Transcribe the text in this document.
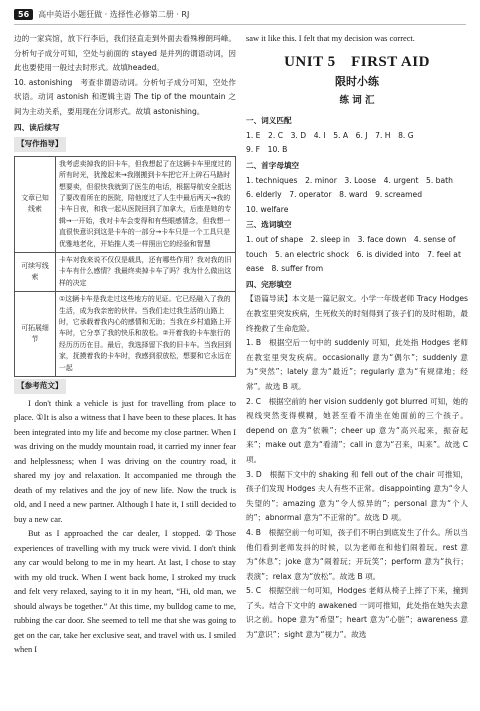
56	高中英语小题狂做 · 选择性必修第二册 · RJ

边的一家宾馆，放下行李后，我们径直走到外面去看殊穆朗玛峰。分析句子成分可知，空处与前面的 stayed 是并列的谓语动词，因此也要使用一般过去时形式。故填headed。

10. astonishing　考查非谓语动词。分析句子成分可知，空处作状语。动词 astonish 和逻辑主语 The tip of the mountain 之间为主动关系，要用现在分词形式。故填 astonishing。

四、读后续写
【写作指导】
文章已知线索	我考虑卖掉我的旧卡车，但我想起了在这辆卡车里度过的所有时光，犹豫起来→我刚搬到卡车把它开上碎石马路时想要卖，但很快我就到了医生的电话，根据导航安全抵达了要改看所在的医院，陪他度过了人生中最后两天→我的卡车日夜，和我一起从医院回到了加拿大，后座是她的专辑→一开始，我对卡车会变得和有些眼感情念，但我想一直很快意识到这是卡车的一部分→卡车只是一个工具只是优雅地老化，开始推人类一样照出它的经验和智慧
可续写线索	卡车对我来说不仅仅是载具，还有哪些作用？我对我的旧卡车有什么感情？我最终卖掉卡车了吗？我为什么做出这样的决定
可拓展细节	①这辆卡车是我走过这些地方的见证。它已经融入了我的生活，成为我亲密的伙伴。当我们走过我生活的山路上时，它承载着我内心的感情和无助；当我在乡村道路上开车时，它分享了我的快乐和放松。②开着我的卡车旅行的经历历历在目。最后，我选择留下我的旧卡车。当我回到家，抚摸着我的卡车时，我感到很放松，想要和它永远在一起
【参考范文】

I don't think a vehicle is just for travelling from place to place. ①It is also a witness that I have been to these places. It has been integrated into my life and become my close partner. When I was driving on the muddy mountain road, it carried my inner fear and helplessness; when I was driving on the country road, it shared my joy and relaxation. It accompanied me through the death of my relatives and the joy of new life. Now the truck is old, and I need a new partner. Although I hate it, I still decided to buy a new car.

But as I approached the car dealer, I stopped. ②Those experiences of travelling with my truck were vivid. I don't think any car would belong to me in my heart. At last, I chose to stay with my old truck. When I went back home, I stroked my truck and felt very relaxed, saying to it in my heart, “Hi, old man, we should always be together.” At this time, my bulldog came to me, rubbing the car door. She seemed to tell me that she was going to get on the car, take her exclusive seat, and travel with us. I smiled when I

saw it like this. I felt that my decision was correct.

UNIT 5　FIRST AID
限时小练
练 词 汇
一、词义匹配

1. E　2. C　3. D　4. I　5. A　6. J　7. H　8. G

9. F　10. B

二、首字母填空

1. techniques　2. minor　3. Loose　4. urgent　5. bath

6. elderly　7. operator　8. ward　9. screamed

10. welfare

三、选词填空

1. out of shape　2. sleep in　3. face down　4. sense of

touch　5. an electric shock　6. is divided into　7. feel at

ease　8. suffer from

四、完形填空

【语篇导读】本文是一篇记叙文。小学一年级老师 Tracy Hodges 在教室里突发疾病，生死攸关的时刻得到了孩子们的及时相助，最终挽救了生命危险。

1. B　根据空后一句中的 suddenly 可知，此处指 Hodges 老师在教室里突发疾病。occasionally 意为“偶尔”；suddenly 意为“突然”；lately 意为“最近”；regularly 意为“有规律地；经常”。故选 B 项。

2. C　根据空前的 her vision suddenly got blurred 可知，她的视线突然变得模糊，她甚至看不清坐在她面前的三个孩子。depend on 意为“依赖”；cheer up 意为“高兴起来，振奋起来”；make out 意为“看清”；call in 意为“召来，叫来”。故选 C 项。

3. D　根据下文中的 shaking 和 fell out of the chair 可推知，孩子们发现 Hodges 夫人有些不正常。disappointing 意为“令人失望的”；amazing 意为“令人惊异的”；personal 意为“个人的”；abnormal 意为“不正常的”。故选 D 项。

4. B　根据空前一句可知，孩子们不明白到底发生了什么。所以当他们看到老师发抖的时候，以为老师在和他们闹着玩。rest 意为“休息”；joke 意为“闹着玩；开玩笑”；perform 意为“执行；表演”；relax 意为“放松”。故选 B 项。

5. C　根据空前一句可知，Hodges 老师从椅子上摔了下来，撞到了头。结合下文中的 awakened 一词可推知，此处指在她失去意识之前。hope 意为“希望”；heart 意为“心脏”；awareness 意为“意识”；sight 意为“视力”。故选
